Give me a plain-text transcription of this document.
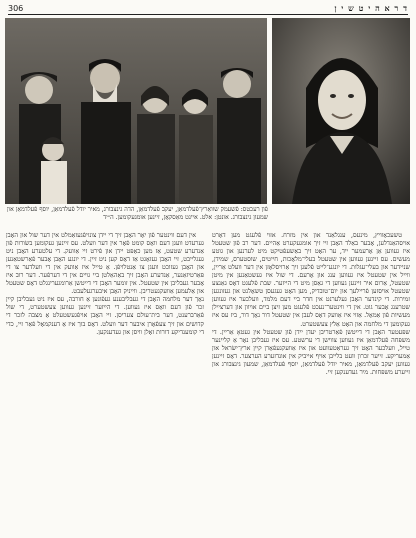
306	ד ר א ה י ט ש י ן
פֿון רעכטס: פֿשעמק שוואַרץ־פֿעלדמאַן, יעקב פֿעלדמאַן, הדה גינצבורג, מאיר יודל פֿעלדמאַן, יוסף פֿעלדמאַן און שמעון גינצבורג. אונטן: אלט. איינט מאַסקאָן, זיינען אומגעקומען. ה״יד

טשעכאָוויץ, מינעס, ענגלאַנד און אין מזרח. אזוי פֿלעגט מען דאָרט אויסהאַנדלען, אָבער באַלד האָבן זיי זיך אומגעקערט אַהיים. דער רב פֿון שטעטל איז געווען אַן אָרעמער ייד, ער האָט זיך באַשעפֿטיקט מיט לערנען און גוטע מעשים. עס זיינען געווען אין שטעטל בעלי־מלאָכות, חייטים, שוסטערס, שמידן, שניידער און בעלי־עגלות. די יונגע־לייט פֿלעגן זיך אַרויסלאָזן אין דער וועלט אַריין, ווייל אין שטעטל איז געווען ענג און אָרעם. די שול איז געשטאַנען אין מיטן שטעטל, אַרום איר זיינען געווען די גאַסן מיט די הייזער. שבת פֿלעגט דאָס גאַנצע שטעטל אויסזען פֿריילעך און יום־טובדיק, מען האָט געגעסן טשאָלנט און געזונגען זמירות. די קינדער האָבן געלערנט אין חדר ביי דעם מלמד, וועלכער איז געווען שטרענג אָבער גוט. אין די ווינטער־נעכט פֿלעגט מען זיצן ביים אויוון און דערציילן מעשיות פֿון אַמאָל. אַזוי איז אַוועק דאָס לעבן אין שטעטל דור נאָך דור, ביז עס איז געקומען די מלחמה און האָט אַלץ צעשטערט.
שפּעטער האָבן די דייטשן פֿאַרטריבן יעדן יידן פֿון שטעטל אין געטאָ אַריין. די משפּחה פֿעלדמאַן איז געווען צווישן די ערשטע. עס איז געבליבן נאָר אַ קליינער טייל, וועלכער האָט זיך געראַטעוועט און איז אַוועקגעפֿאָרן קיין ארץ־ישׂראל און אַמעריקע. זייער זכרון וועט בלייבן אויף אייביק אין אונדזערע הערצער. דאָס זיינען געווען יעקב פֿעלדמאַן, מאיר יודל פֿעלדמאַן, יוסף פֿעלדמאַן, שמעון גינצבורג און זייערע משפּחות. מיר געדענקען זיי.

אין דעם ווינטער פֿון יאָר האָבן זיך די יידן צונויפֿגעזאַמלט אין דער שול און האָבן גערעדט וועגן דעם וואָס קומט פֿאָר אין דער וועלט. עס זיינען געקומען בשׂורות פֿון אַנדערע שטעט, אַז מען כאַפּט יידן און פֿירט זיי אַוועק. די עלטערע האָבן ניט געגלייבט, זיי האָבן געזאָגט אַז דאָס קען ניט זיין. די יונגע האָבן אָבער פֿאַרשטאַנען און האָבן געזוכט וועגן צו אַנטלויפֿן. אַ טייל איז אַוועק אין די וועלדער צו די פּאַרטיזאַנער, אַנדערע האָבן זיך באַהאַלטן ביי גויים אין די דערפֿער. דער רוב איז אָבער געבליבן אין שטעטל. אין זומער האָבן די דייטשן אַרומגערינגלט דאָס שטעטל און אַלעמען אַוועקגעטריבן. ווייניק האָבן איבערגעלעבט.
נאָך דער מלחמה האָבן די געבליבענע געפֿונען אַ חורבה, עס איז ניט געבליבן קיין זכר פֿון דעם וואָס איז געווען. די הייזער זיינען געווען צעשטערט, די שול פֿאַרברענט, דער בית־עולם צעריסן. זיי האָבן אויפֿגעשטעלט אַ מצבה לזכר די קדושים און זיך צעפֿאָרן איבער דער וועלט. דאָס בוך איז אַ דענקמאָל פֿאַר זיי, כדי די קומענדיקע דורות זאָלן וויסן און געדענקען.
